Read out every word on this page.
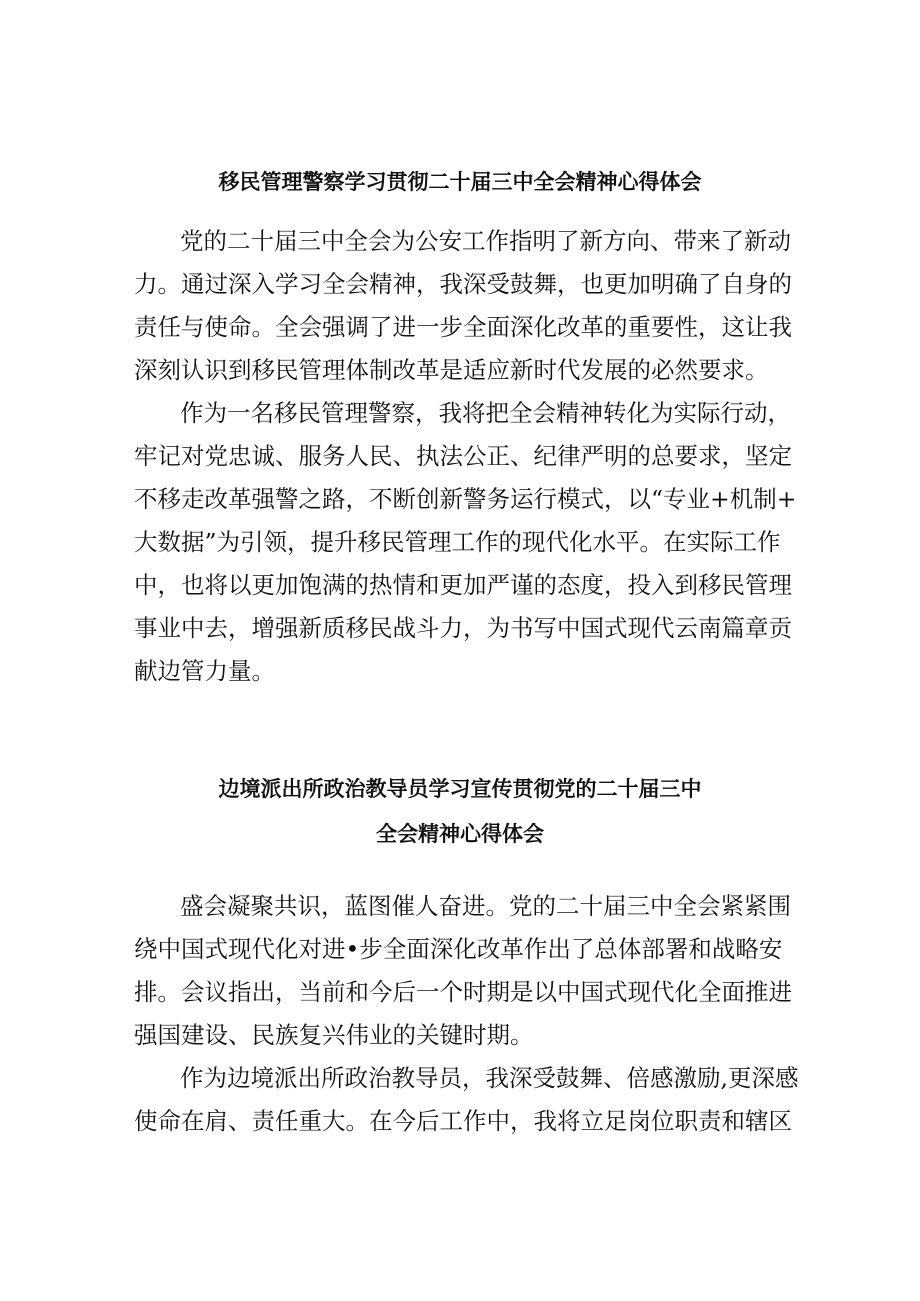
移民管理警察学习贯彻二十届三中全会精神心得体会

党的二十届三中全会为公安工作指明了新方向、带来了新动

力。通过深入学习全会精神，我深受鼓舞，也更加明确了自身的

责任与使命。全会强调了进一步全面深化改革的重要性，这让我

深刻认识到移民管理体制改革是适应新时代发展的必然要求。

作为一名移民管理警察，我将把全会精神转化为实际行动，

牢记对党忠诚、服务人民、执法公正、纪律严明的总要求，坚定

不移走改革强警之路，不断创新警务运行模式，以“专业+机制+

大数据”为引领，提升移民管理工作的现代化水平。在实际工作

中，也将以更加饱满的热情和更加严谨的态度，投入到移民管理

事业中去，增强新质移民战斗力，为书写中国式现代云南篇章贡

献边管力量。

边境派出所政治教导员学习宣传贯彻党的二十届三中
全会精神心得体会

盛会凝聚共识，蓝图催人奋进。党的二十届三中全会紧紧围

绕中国式现代化对进•步全面深化改革作出了总体部署和战略安

排。会议指出，当前和今后一个时期是以中国式现代化全面推进

强国建设、民族复兴伟业的关键时期。

作为边境派出所政治教导员，我深受鼓舞、倍感激励,更深感

使命在肩、责任重大。在今后工作中，我将立足岗位职责和辖区
